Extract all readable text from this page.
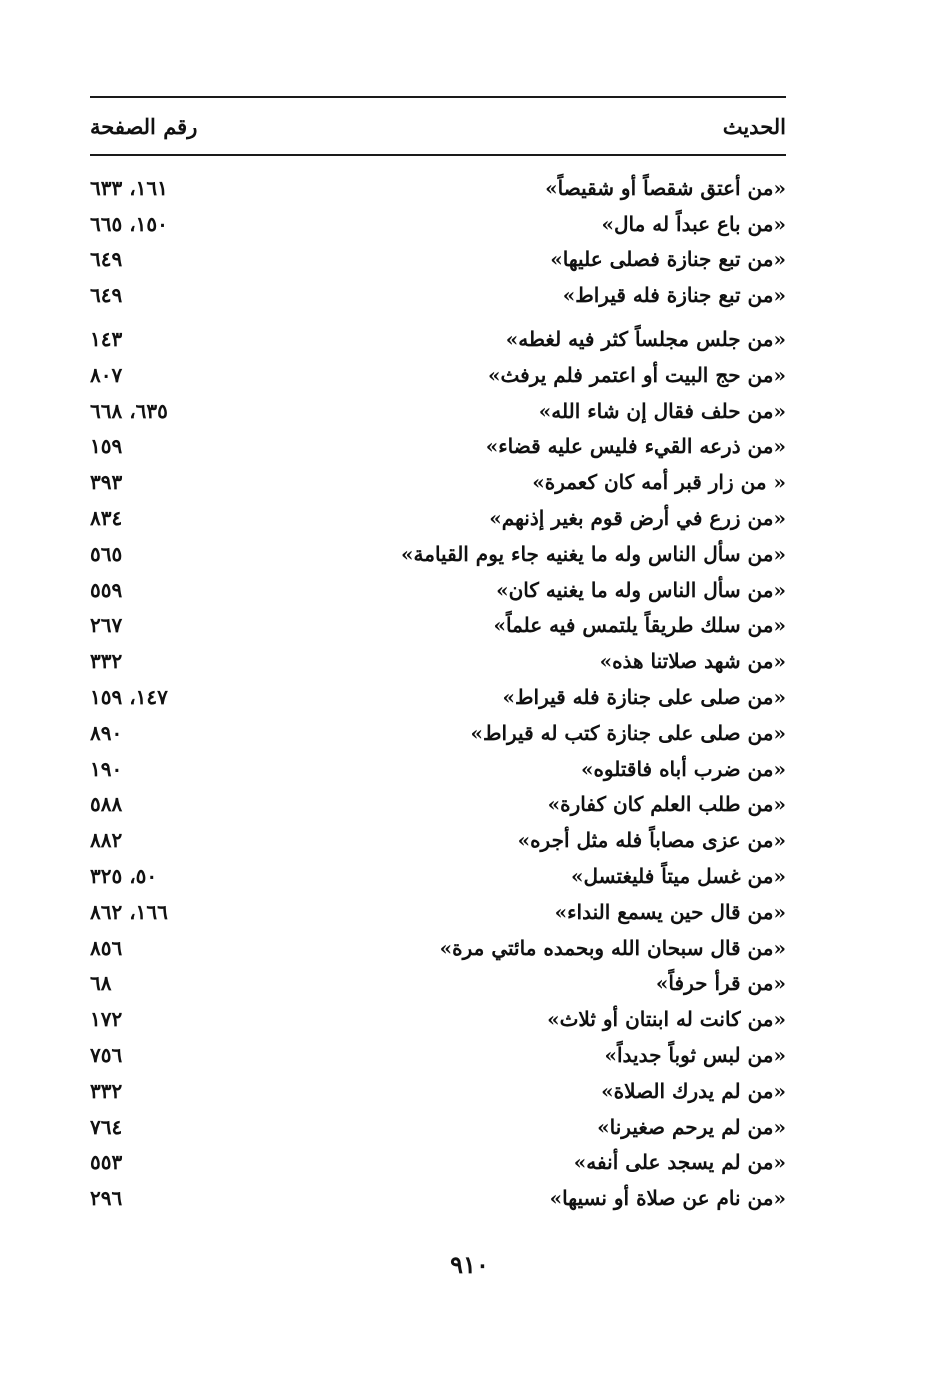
الحديث
رقم الصفحة
«من أعتق شقصاً أو شقيصاً»
١٦١، ٦٣٣
«من باع عبداً له مال»
١٥٠، ٦٦٥
«من تبع جنازة فصلى عليها»
٦٤٩
«من تبع جنازة فله قيراط»
٦٤٩
«من جلس مجلساً كثر فيه لغطه»
١٤٣
«من حج البيت أو اعتمر فلم يرفث»
٨٠٧
«من حلف فقال إن شاء الله»
٦٣٥، ٦٦٨
«من ذرعه القيء فليس عليه قضاء»
١٥٩
« من زار قبر أمه كان كعمرة»
٣٩٣
«من زرع في أرض قوم بغير إذنهم»
٨٣٤
«من سأل الناس وله ما يغنيه جاء يوم القيامة»
٥٦٥
«من سأل الناس وله ما يغنيه كان»
٥٥٩
«من سلك طريقاً يلتمس فيه علماً»
٢٦٧
«من شهد صلاتنا هذه»
٣٣٢
«من صلى على جنازة فله قيراط»
١٤٧، ١٥٩
«من صلى على جنازة كتب له قيراط»
٨٩٠
«من ضرب أباه فاقتلوه»
١٩٠
«من طلب العلم كان كفارة»
٥٨٨
«من عزى مصاباً فله مثل أجره»
٨٨٢
«من غسل ميتاً فليغتسل»
٥٠، ٣٢٥
«من قال حين يسمع النداء»
١٦٦، ٨٦٢
«من قال سبحان الله وبحمده مائتي مرة»
٨٥٦
«من قرأ حرفاً»
٦٨
«من كانت له ابنتان أو ثلاث»
١٧٢
«من لبس ثوباً جديداً»
٧٥٦
«من لم يدرك الصلاة»
٣٣٢
«من لم يرحم صغيرنا»
٧٦٤
«من لم يسجد على أنفه»
٥٥٣
«من نام عن صلاة أو نسيها»
٢٩٦
٩١٠
